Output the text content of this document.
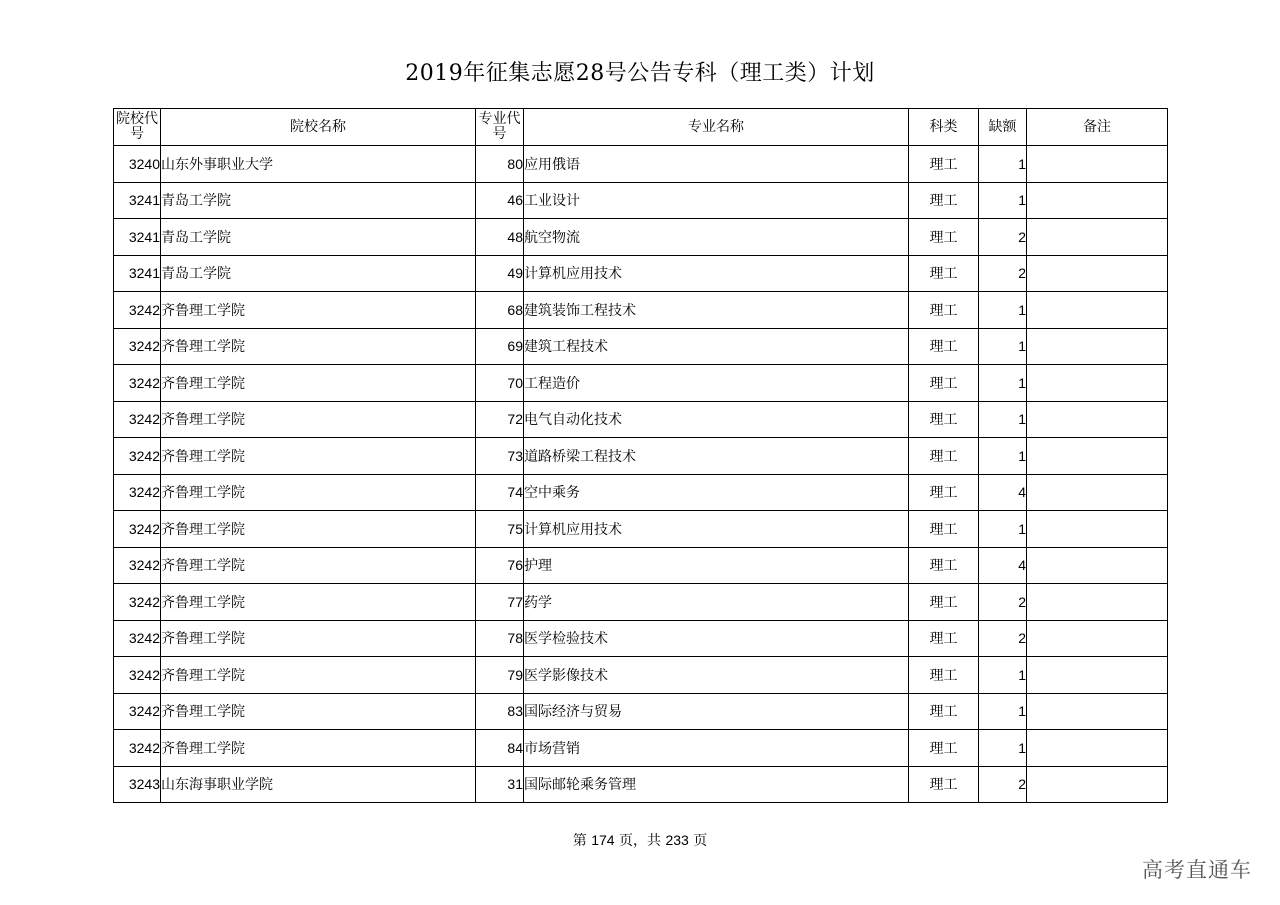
2019年征集志愿28号公告专科（理工类）计划
院校代号	院校名称	专业代号	专业名称	科类	缺额	备注
3240	山东外事职业大学	80	应用俄语	理工	1	
3241	青岛工学院	46	工业设计	理工	1	
3241	青岛工学院	48	航空物流	理工	2	
3241	青岛工学院	49	计算机应用技术	理工	2	
3242	齐鲁理工学院	68	建筑装饰工程技术	理工	1	
3242	齐鲁理工学院	69	建筑工程技术	理工	1	
3242	齐鲁理工学院	70	工程造价	理工	1	
3242	齐鲁理工学院	72	电气自动化技术	理工	1	
3242	齐鲁理工学院	73	道路桥梁工程技术	理工	1	
3242	齐鲁理工学院	74	空中乘务	理工	4	
3242	齐鲁理工学院	75	计算机应用技术	理工	1	
3242	齐鲁理工学院	76	护理	理工	4	
3242	齐鲁理工学院	77	药学	理工	2	
3242	齐鲁理工学院	78	医学检验技术	理工	2	
3242	齐鲁理工学院	79	医学影像技术	理工	1	
3242	齐鲁理工学院	83	国际经济与贸易	理工	1	
3242	齐鲁理工学院	84	市场营销	理工	1	
3243	山东海事职业学院	31	国际邮轮乘务管理	理工	2	
第 174 页，共 233 页
高考直通车
